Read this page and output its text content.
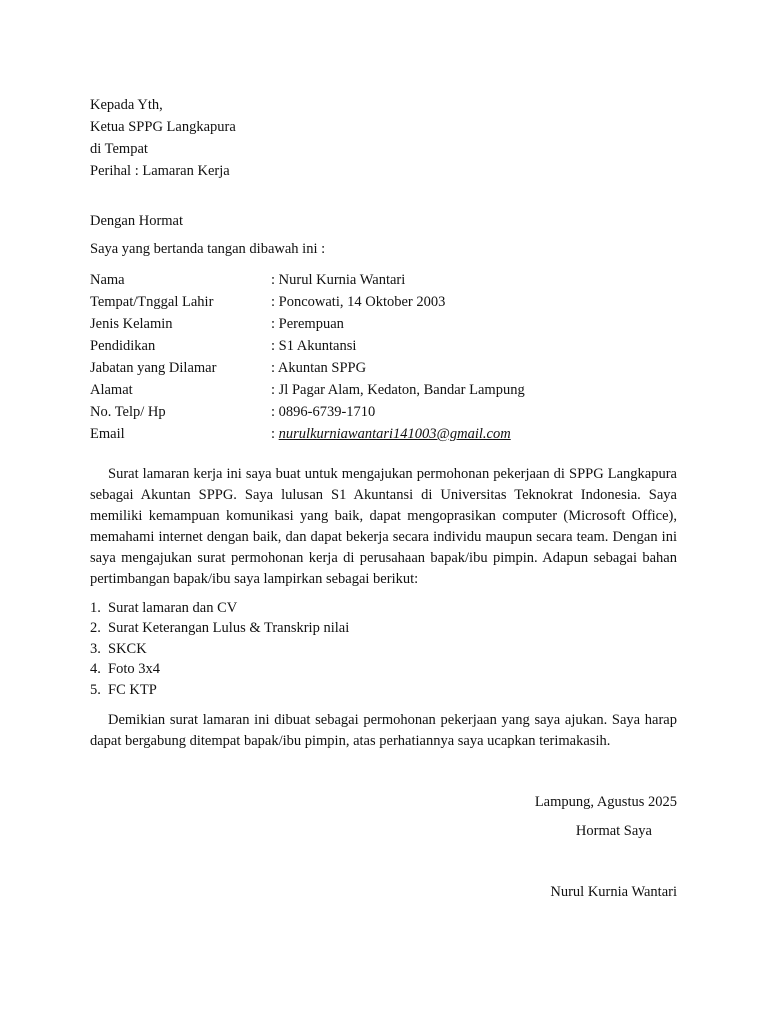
Kepada Yth,
Ketua SPPG Langkapura
di Tempat
Perihal : Lamaran Kerja
Dengan Hormat
Saya yang bertanda tangan dibawah ini :
Nama	: Nurul Kurnia Wantari
Tempat/Tnggal Lahir	: Poncowati, 14 Oktober 2003
Jenis Kelamin	: Perempuan
Pendidikan	: S1 Akuntansi
Jabatan yang Dilamar	: Akuntan SPPG
Alamat	: Jl Pagar Alam, Kedaton, Bandar Lampung
No. Telp/ Hp	: 0896-6739-1710
Email	: nurulkurniawantari141003@gmail.com

Surat lamaran kerja ini saya buat untuk mengajukan permohonan pekerjaan di SPPG Langkapura sebagai Akuntan SPPG. Saya lulusan S1 Akuntansi di Universitas Teknokrat Indonesia. Saya memiliki kemampuan komunikasi yang baik, dapat mengoprasikan computer (Microsoft Office), memahami internet dengan baik, dan dapat bekerja secara individu maupun secara team. Dengan ini saya mengajukan surat permohonan kerja di perusahaan bapak/ibu pimpin. Adapun sebagai bahan pertimbangan bapak/ibu saya lampirkan sebagai berikut:

1. Surat lamaran dan CV
2. Surat Keterangan Lulus & Transkrip nilai
3. SKCK
4. Foto 3x4
5. FC KTP

Demikian surat lamaran ini dibuat sebagai permohonan pekerjaan yang saya ajukan. Saya harap dapat bergabung ditempat bapak/ibu pimpin, atas perhatiannya saya ucapkan terimakasih.

Lampung, Agustus 2025
Hormat Saya
Nurul Kurnia Wantari
